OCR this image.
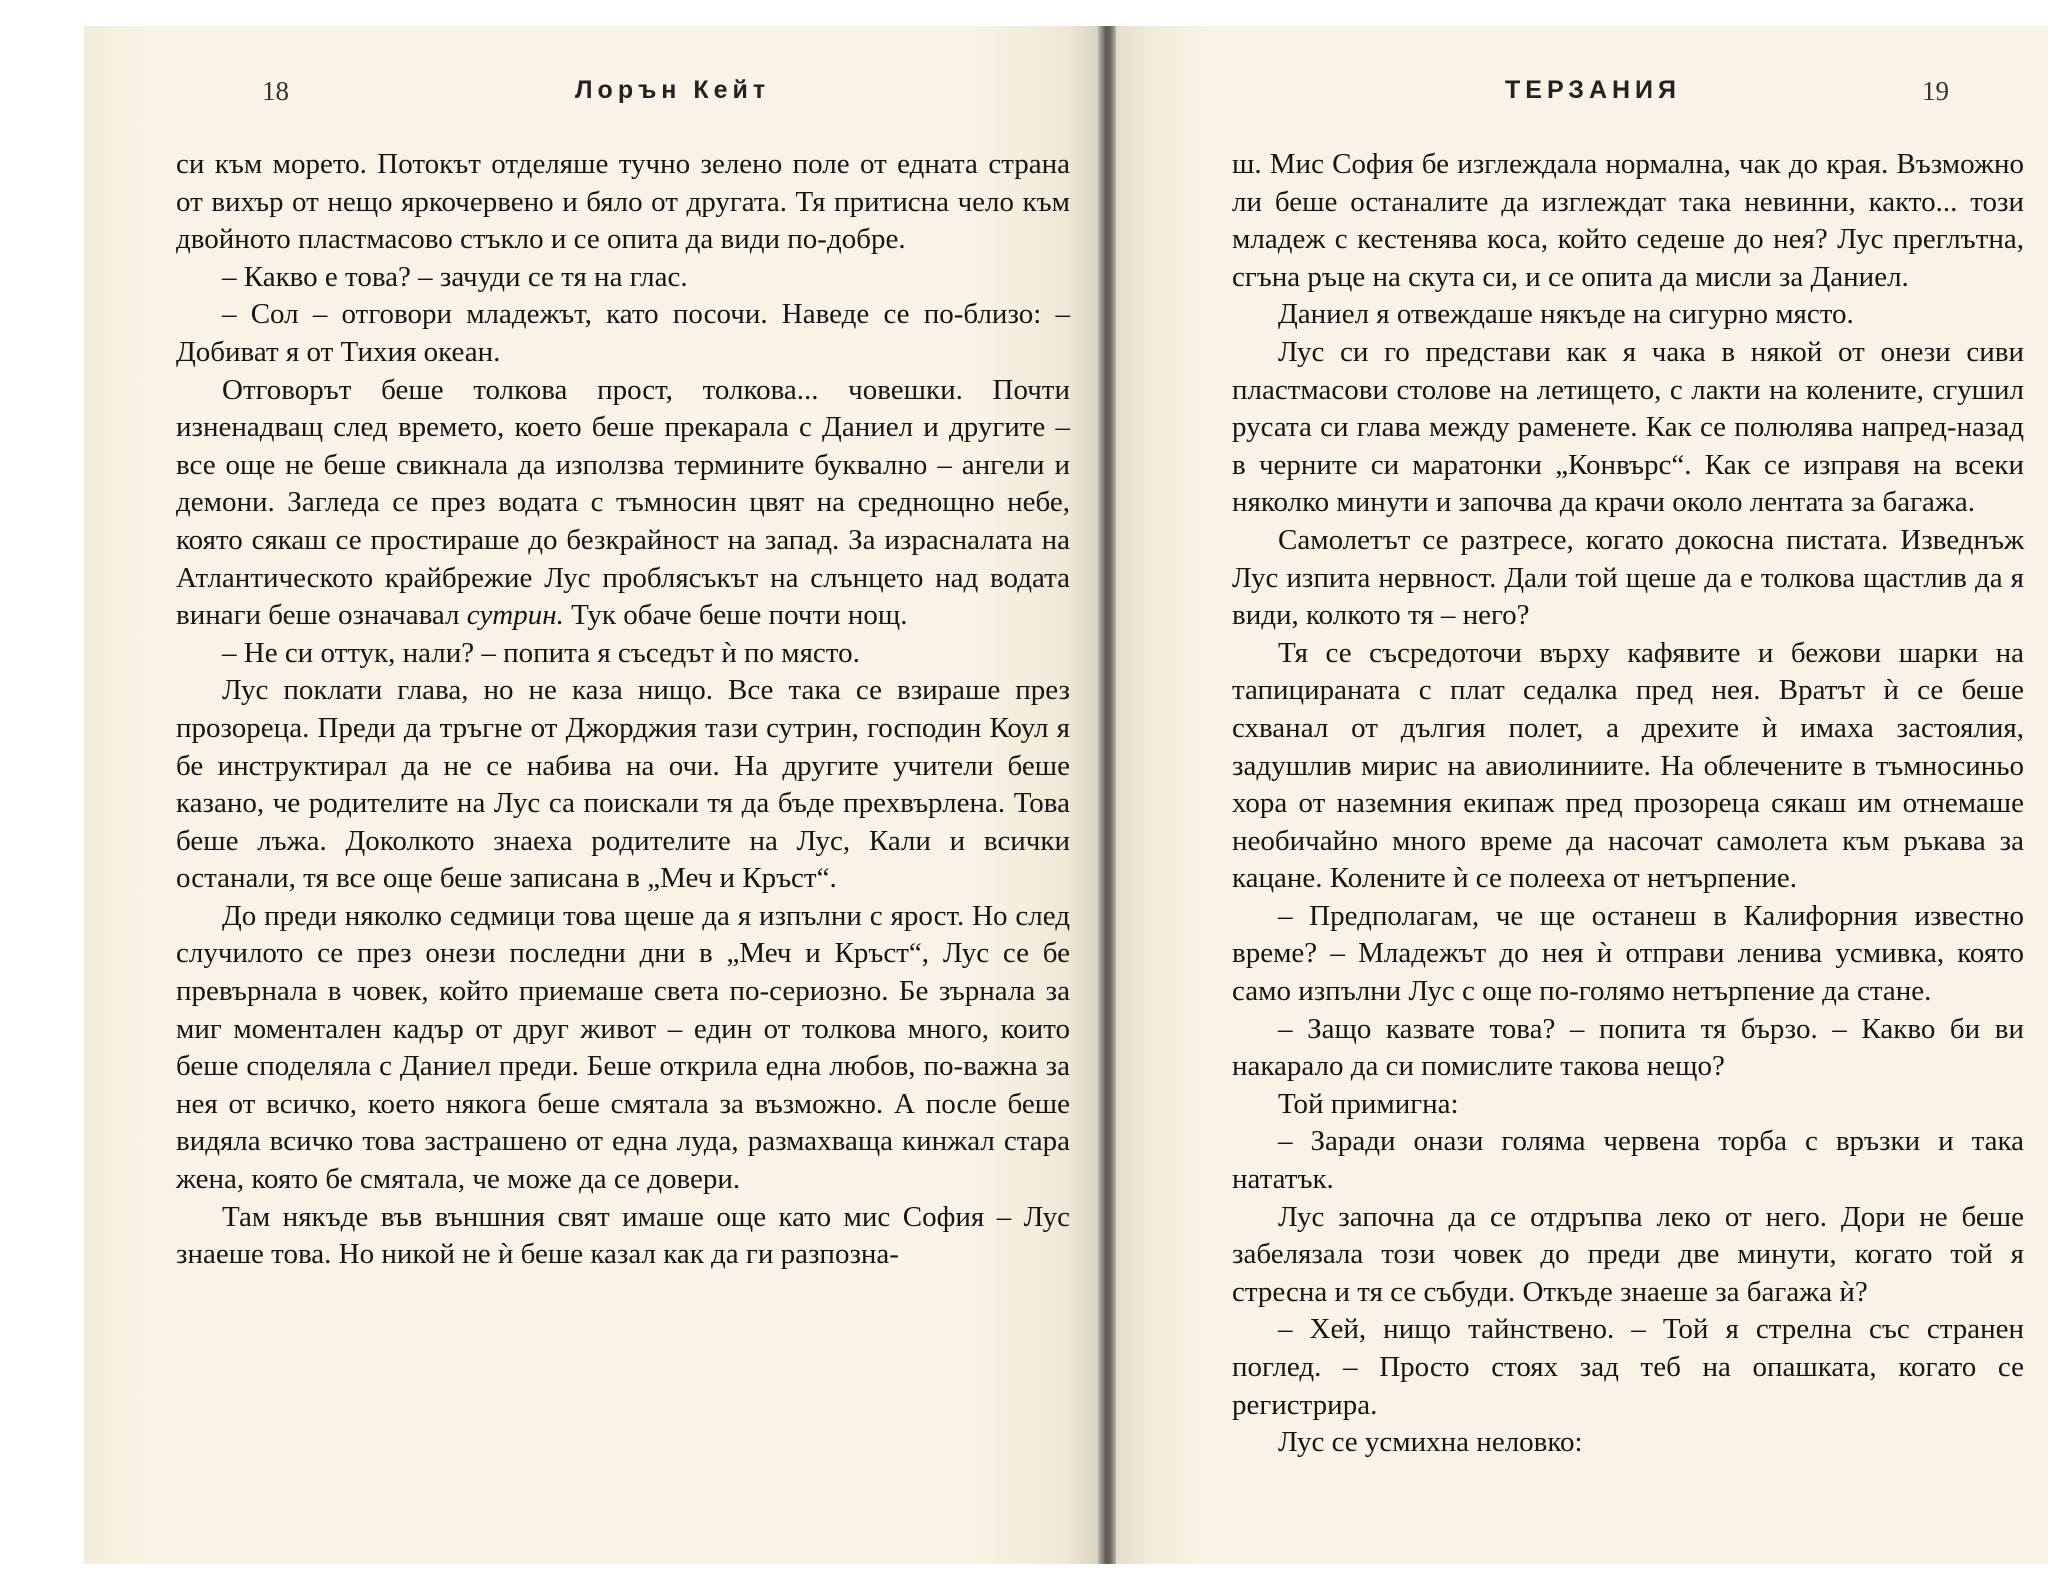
18	Лорън Кейт	ТЕРЗАНИЯ	19

си към морето. Потокът отделяше тучно зелено поле от едната страна от вихър от нещо яркочервено и бяло от другата. Тя притисна чело към двойното пластмасово стъкло и се опита да види по-добре.

– Какво е това? – зачуди се тя на глас.

– Сол – отговори младежът, като посочи. Наведе се по-близо: – Добиват я от Тихия океан.

Отговорът беше толкова прост, толкова... човешки. Почти изненадващ след времето, което беше прекарала с Даниел и другите – все още не беше свикнала да използва термините буквално – ангели и демони. Загледа се през водата с тъмносин цвят на среднощно небе, която сякаш се простираше до безкрайност на запад. За израсналата на Атлантическото крайбрежие Лус проблясъкът на слънцето над водата винаги беше означавал сутрин. Тук обаче беше почти нощ.

– Не си оттук, нали? – попита я съседът ѝ по място.

Лус поклати глава, но не каза нищо. Все така се взираше през прозореца. Преди да тръгне от Джорджия тази сутрин, господин Коул я бе инструктирал да не се набива на очи. На другите учители беше казано, че родителите на Лус са поискали тя да бъде прехвърлена. Това беше лъжа. Доколкото знаеха родителите на Лус, Кали и всички останали, тя все още беше записана в „Меч и Кръст“.

До преди няколко седмици това щеше да я изпълни с ярост. Но след случилото се през онези последни дни в „Меч и Кръст“, Лус се бе превърнала в човек, който приемаше света по-сериозно. Бе зърнала за миг моментален кадър от друг живот – един от толкова много, които беше споделяла с Даниел преди. Беше открила една любов, по-важна за нея от всичко, което някога беше смятала за възможно. А после беше видяла всичко това застрашено от една луда, размахваща кинжал стара жена, която бе смятала, че може да се довери.

Там някъде във външния свят имаше още като мис София – Лус знаеше това. Но никой не ѝ беше казал как да ги разпозна-

ш. Мис София бе изглеждала нормална, чак до края. Възможно ли беше останалите да изглеждат така невинни, както... този младеж с кестенява коса, който седеше до нея? Лус преглътна, сгъна ръце на скута си, и се опита да мисли за Даниел.

Даниел я отвеждаше някъде на сигурно място.

Лус си го представи как я чака в някой от онези сиви пластмасови столове на летището, с лакти на колените, сгушил русата си глава между раменете. Как се полюлява напред-назад в черните си маратонки „Конвърс“. Как се изправя на всеки няколко минути и започва да крачи около лентата за багажа.

Самолетът се разтресе, когато докосна пистата. Изведнъж Лус изпита нервност. Дали той щеше да е толкова щастлив да я види, колкото тя – него?

Тя се съсредоточи върху кафявите и бежови шарки на тапицираната с плат седалка пред нея. Вратът ѝ се беше схванал от дългия полет, а дрехите ѝ имаха застоялия, задушлив мирис на авиолиниите. На облечените в тъмносиньо хора от наземния екипаж пред прозореца сякаш им отнемаше необичайно много време да насочат самолета към ръкава за кацане. Колените ѝ се полееха от нетърпение.

– Предполагам, че ще останеш в Калифорния известно време? – Младежът до нея ѝ отправи ленива усмивка, която само изпълни Лус с още по-голямо нетърпение да стане.

– Защо казвате това? – попита тя бързо. – Какво би ви накарало да си помислите такова нещо?

Той примигна:

– Заради онази голяма червена торба с връзки и така нататък.

Лус започна да се отдръпва леко от него. Дори не беше забелязала този човек до преди две минути, когато той я стресна и тя се събуди. Откъде знаеше за багажа ѝ?

– Хей, нищо тайнствено. – Той я стрелна със странен поглед. – Просто стоях зад теб на опашката, когато се регистрира.

Лус се усмихна неловко:
